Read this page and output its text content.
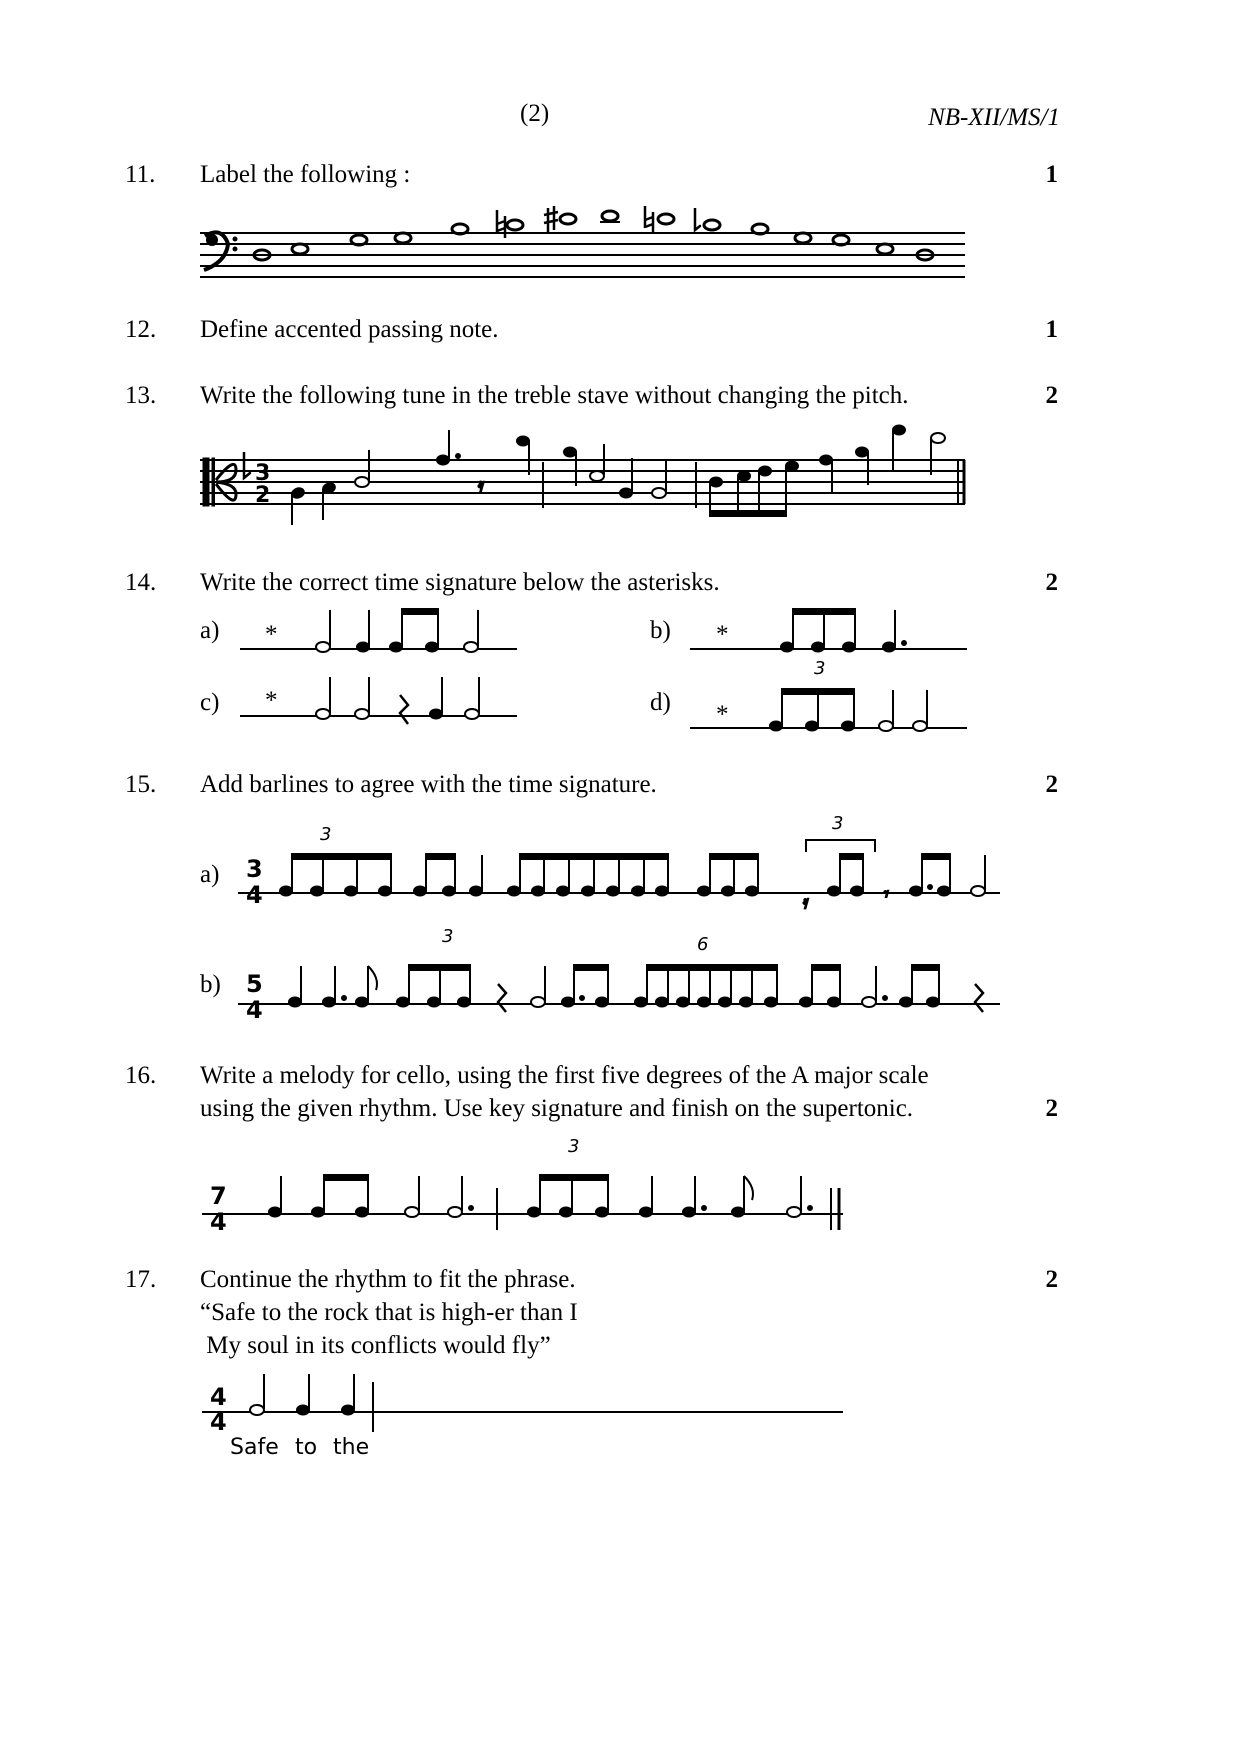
(2)	NB-XII/MS/1
11. Label the following :	1
12. Define accented passing note.	1
13. Write the following tune in the treble stave without changing the pitch.	2
3
2	𝄿
14. Write the correct time signature below the asterisks.	2
a)	b)
c)	d)
*	*
*
*
3
15. Add barlines to agree with the time signature.	2
a)
b)
3
4
3
3
𝄿	𝄾
5
4
3	6
16. Write a melody for cello, using the first five degrees of the A major scale
using the given rhythm. Use key signature and finish on the supertonic.	2
7
4
3
17. Continue the rhythm to fit the phrase.	2
“Safe to the rock that is high-er than I
My soul in its conflicts would fly”
4
4
Safe to the
